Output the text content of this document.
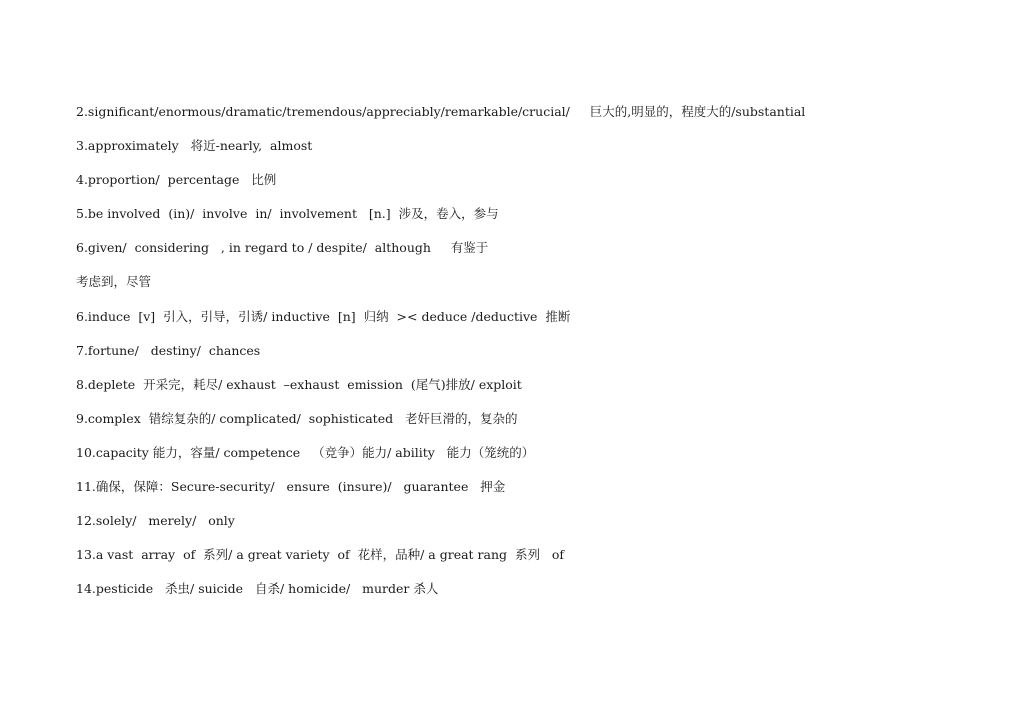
2.significant/enormous/dramatic/tremendous/appreciably/remarkable/crucial/     巨大的,明显的，程度大的/substantial
3.approximately   将近-nearly,  almost
4.proportion/  percentage   比例
5.be involved  (in)/  involve  in/  involvement   [n.]  涉及，卷入，参与
6.given/  considering   , in regard to / despite/  although     有鉴于
考虑到，尽管
6.induce  [v]  引入，引导，引诱/ inductive  [n]  归纳  >< deduce /deductive  推断
7.fortune/   destiny/  chances
8.deplete  开采完，耗尽/ exhaust  –exhaust  emission  (尾气)排放/ exploit
9.complex  错综复杂的/ complicated/  sophisticated   老奸巨滑的，复杂的
10.capacity 能力，容量/ competence   （竞争）能力/ ability   能力（笼统的）
11.确保，保障：Secure-security/   ensure  (insure)/   guarantee   押金
12.solely/   merely/   only
13.a vast  array  of  系列/ a great variety  of  花样，品种/ a great rang  系列   of
14.pesticide   杀虫/ suicide   自杀/ homicide/   murder 杀人
